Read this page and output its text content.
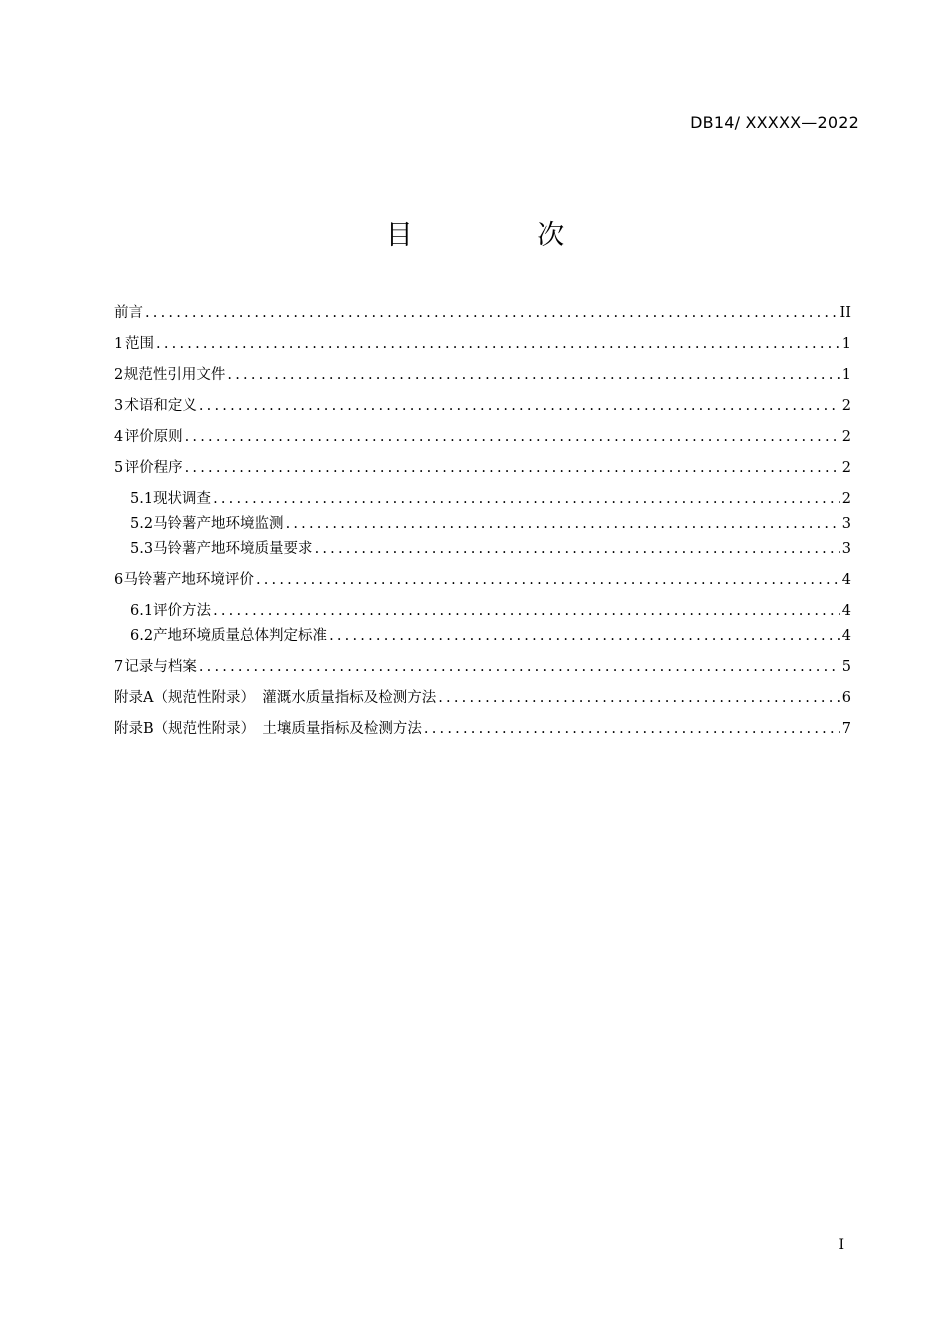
DB14/ XXXXX—2022
目 次
前言 .....	II
1 范围 .....	1
2 规范性引用文件 .....	1
3 术语和定义 .....	2
4 评价原则 .....	2
5 评价程序 .....	2
5.1 现状调查 .....	2
5.2 马铃薯产地环境监测 .....	3
5.3 马铃薯产地环境质量要求 .....	3
6 马铃薯产地环境评价 .....	4
6.1 评价方法 .....	4
6.2 产地环境质量总体判定标准 .....	4
7 记录与档案 .....	5
附录A（规范性附录）　灌溉水质量指标及检测方法 .....	6
附录B（规范性附录）　土壤质量指标及检测方法 .....	7
I
